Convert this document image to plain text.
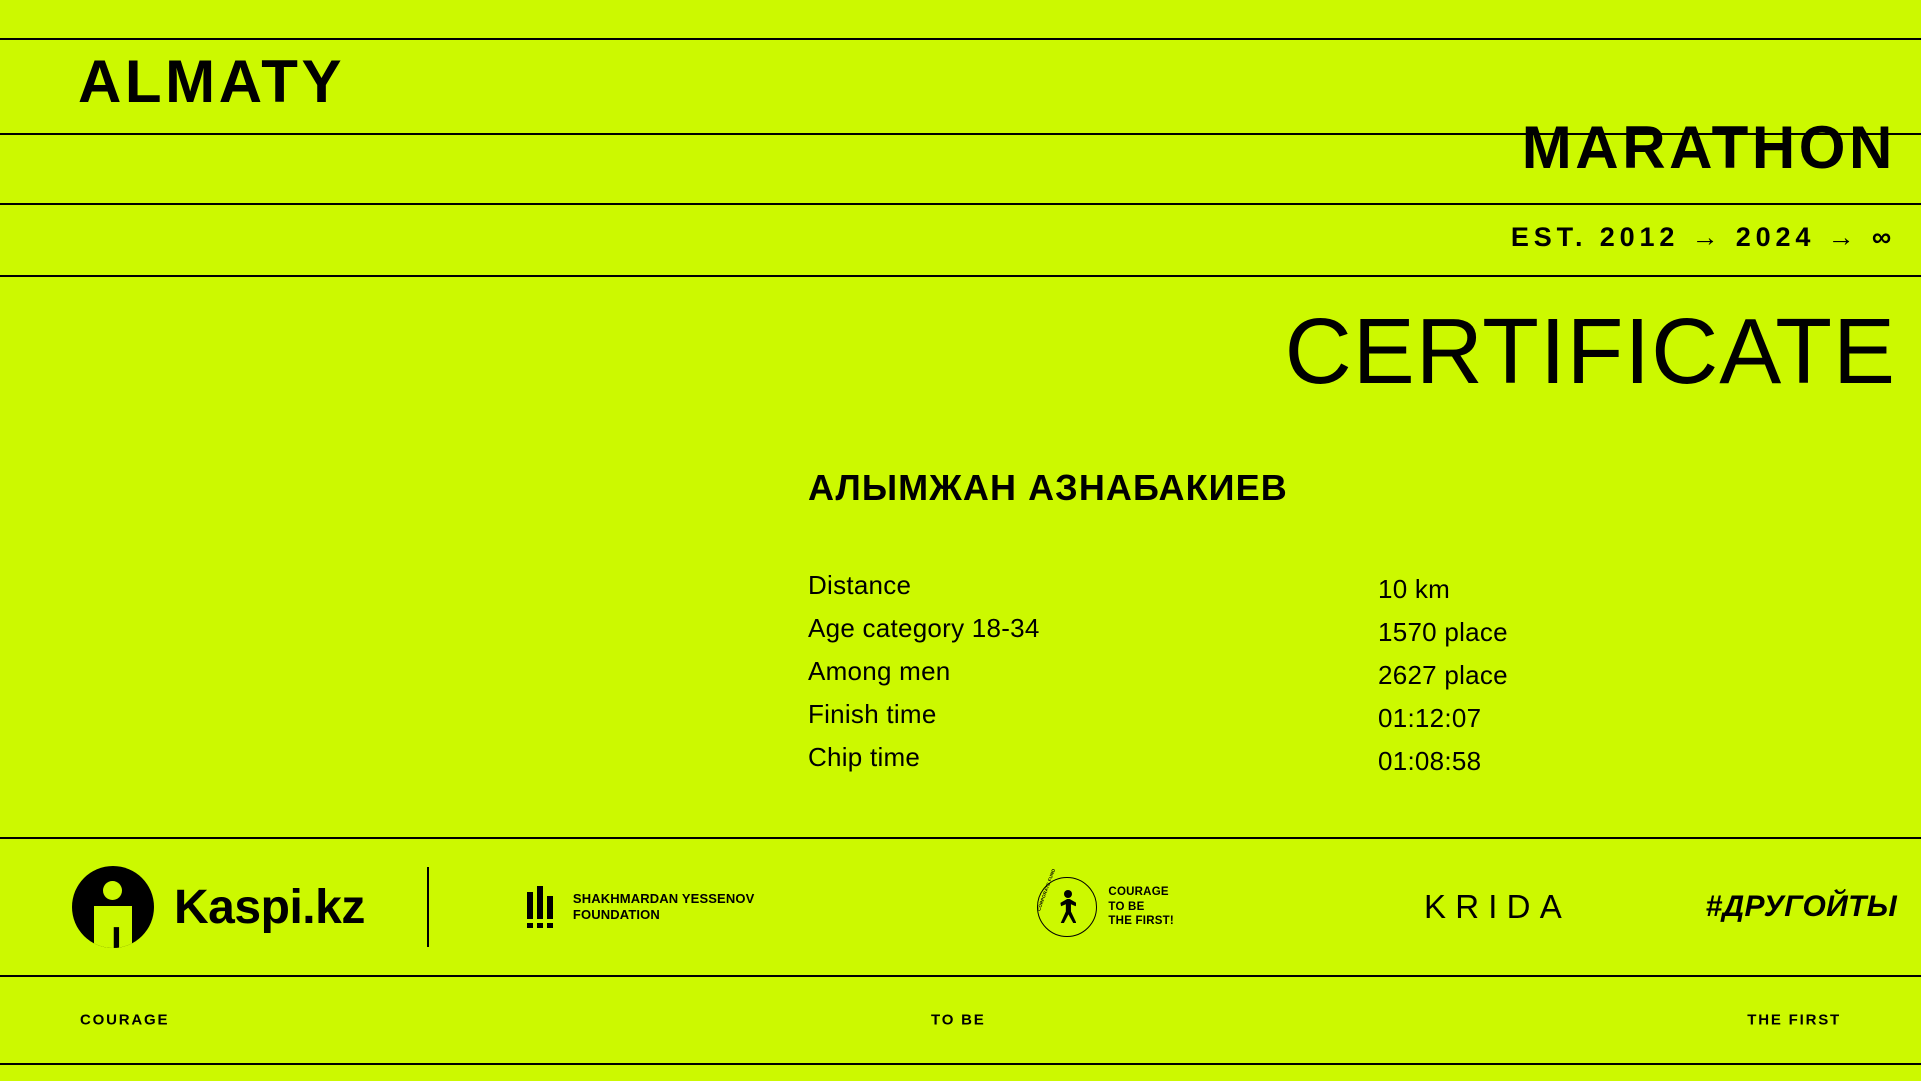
ALMATY
MARATHON
EST. 2012 → 2024 → ∞
CERTIFICATE
АЛЫМЖАН АЗНАБАКИЕВ
Distance	10 km
Age category 18-34	1570 place
Among men	2627 place
Finish time	01:12:07
Chip time	01:08:58
Kaspi.kz	SHAKHMARDAN YESSENOV
FOUNDATION
CORPORATE FUND	COURAGE
TO BE
THE FIRST!	KRIDA	#ДРУГОЙТЫ
COURAGE	TO BE	THE FIRST
